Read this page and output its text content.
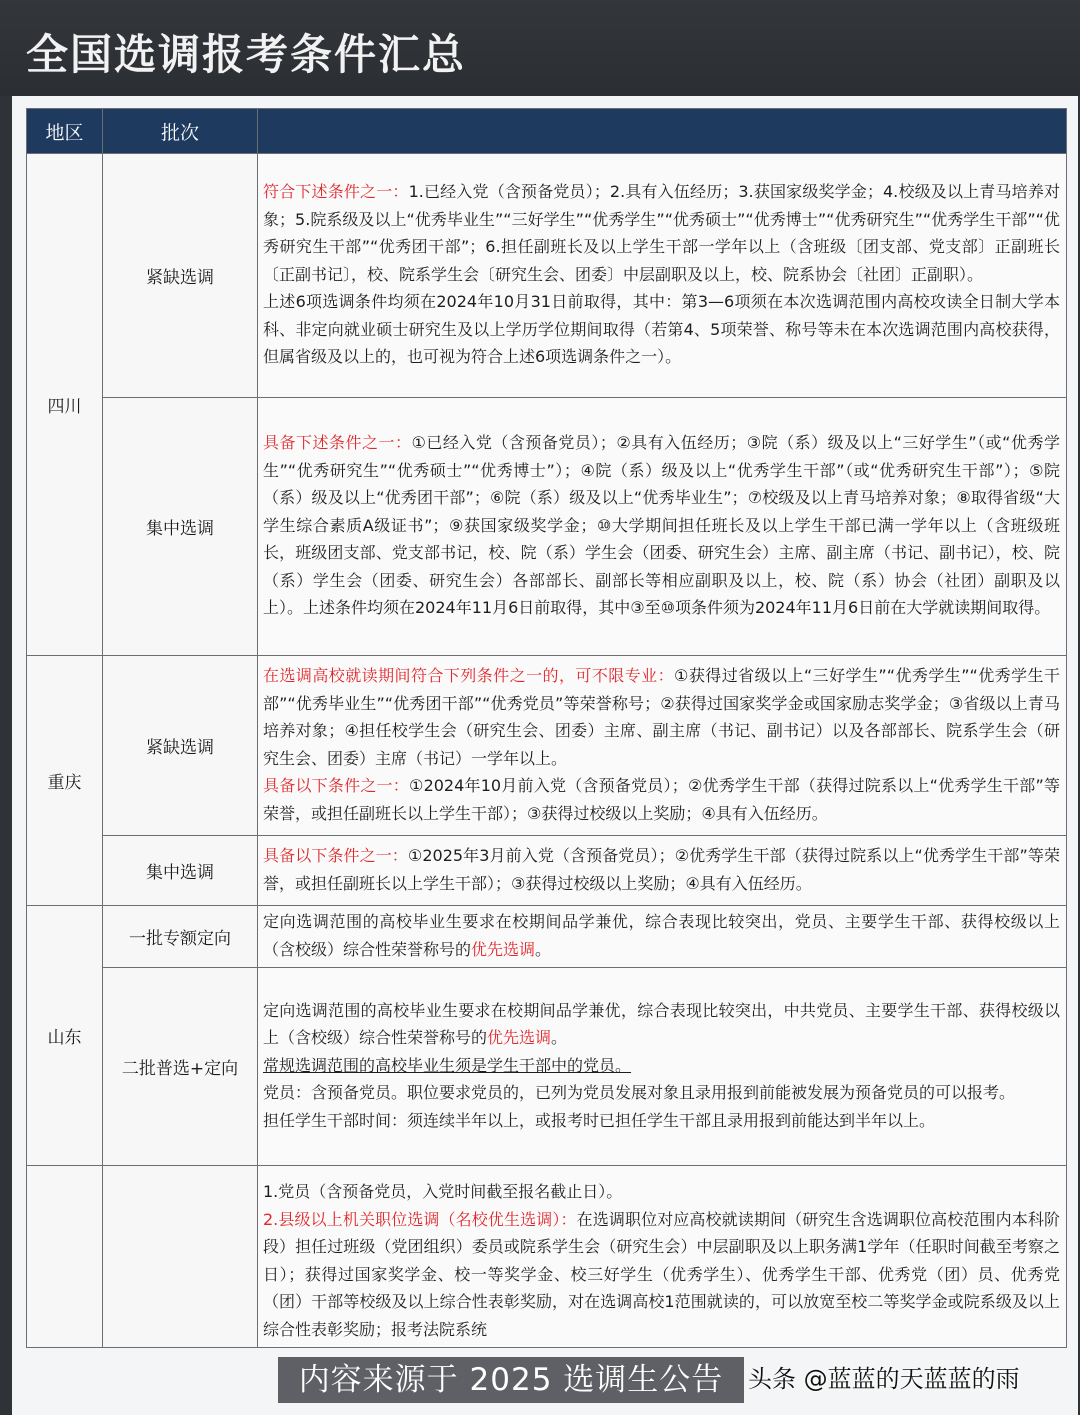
全国选调报考条件汇总
地区	批次	
四川	紧缺选调	符合下述条件之一：1.已经入党（含预备党员）；2.具有入伍经历；3.获国家级奖学金；4.校级及以上青马培养对象；5.院系级及以上“优秀毕业生”“三好学生”“优秀学生”“优秀硕士”“优秀博士”“优秀研究生”“优秀学生干部”“优秀研究生干部”“优秀团干部”；6.担任副班长及以上学生干部一学年以上（含班级〔团支部、党支部〕正副班长〔正副书记〕，校、院系学生会〔研究生会、团委〕中层副职及以上，校、院系协会〔社团〕正副职）。

上述6项选调条件均须在2024年10月31日前取得，其中：第3—6项须在本次选调范围内高校攻读全日制大学本科、非定向就业硕士研究生及以上学历学位期间取得（若第4、5项荣誉、称号等未在本次选调范围内高校获得，但属省级及以上的，也可视为符合上述6项选调条件之一）。

	集中选调	具备下述条件之一：①已经入党（含预备党员）；②具有入伍经历；③院（系）级及以上“三好学生”（或“优秀学生”“优秀研究生”“优秀硕士”“优秀博士”）；④院（系）级及以上“优秀学生干部”（或“优秀研究生干部”）；⑤院（系）级及以上“优秀团干部”；⑥院（系）级及以上“优秀毕业生”；⑦校级及以上青马培养对象；⑧取得省级“大学生综合素质A级证书”；⑨获国家级奖学金；⑩大学期间担任班长及以上学生干部已满一学年以上（含班级班长，班级团支部、党支部书记，校、院（系）学生会（团委、研究生会）主席、副主席（书记、副书记），校、院（系）学生会（团委、研究生会）各部部长、副部长等相应副职及以上，校、院（系）协会（社团）副职及以上）。上述条件均须在2024年11月6日前取得，其中③至⑩项条件须为2024年11月6日前在大学就读期间取得。

重庆	紧缺选调	在选调高校就读期间符合下列条件之一的，可不限专业：①获得过省级以上“三好学生”“优秀学生”“优秀学生干部”“优秀毕业生”“优秀团干部”“优秀党员”等荣誉称号；②获得过国家奖学金或国家励志奖学金；③省级以上青马培养对象；④担任校学生会（研究生会、团委）主席、副主席（书记、副书记）以及各部部长、院系学生会（研究生会、团委）主席（书记）一学年以上。

具备以下条件之一：①2024年10月前入党（含预备党员）；②优秀学生干部（获得过院系以上“优秀学生干部”等荣誉，或担任副班长以上学生干部）；③获得过校级以上奖励；④具有入伍经历。

	集中选调	具备以下条件之一：①2025年3月前入党（含预备党员）；②优秀学生干部（获得过院系以上“优秀学生干部”等荣誉，或担任副班长以上学生干部）；③获得过校级以上奖励；④具有入伍经历。

山东	一批专额定向	定向选调范围的高校毕业生要求在校期间品学兼优，综合表现比较突出，党员、主要学生干部、获得校级以上（含校级）综合性荣誉称号的优先选调。

	二批普选+定向	定向选调范围的高校毕业生要求在校期间品学兼优，综合表现比较突出，中共党员、主要学生干部、获得校级以上（含校级）综合性荣誉称号的优先选调。

常规选调范围的高校毕业生须是学生干部中的党员。

党员：含预备党员。职位要求党员的，已列为党员发展对象且录用报到前能被发展为预备党员的可以报考。

担任学生干部时间：须连续半年以上，或报考时已担任学生干部且录用报到前能达到半年以上。

		1.党员（含预备党员，入党时间截至报名截止日）。

2.县级以上机关职位选调（名校优生选调）：在选调职位对应高校就读期间（研究生含选调职位高校范围内本科阶段）担任过班级（党团组织）委员或院系学生会（研究生会）中层副职及以上职务满1学年（任职时间截至考察之日）；获得过国家奖学金、校一等奖学金、校三好学生（优秀学生）、优秀学生干部、优秀党（团）员、优秀党（团）干部等校级及以上综合性表彰奖励，对在选调高校1范围就读的，可以放宽至校二等奖学金或院系级及以上综合性表彰奖励；报考法院系统

内容来源于 2025 选调生公告	头条 @蓝蓝的天蓝蓝的雨
